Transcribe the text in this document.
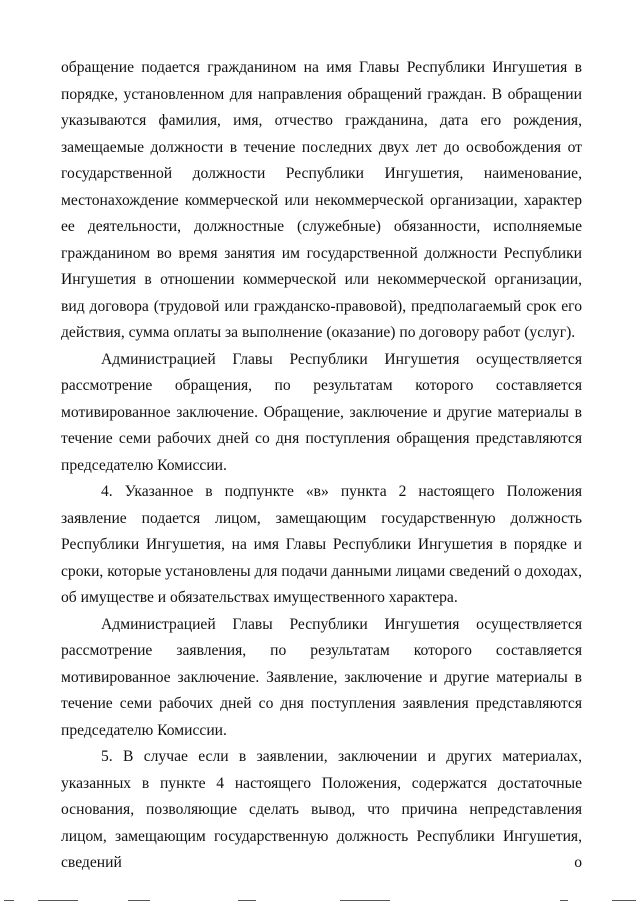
обращение подается гражданином на имя Главы Республики Ингушетия в порядке, установленном для направления обращений граждан. В обращении указываются фамилия, имя, отчество гражданина, дата его рождения, замещаемые должности в течение последних двух лет до освобождения от государственной должности Республики Ингушетия, наименование, местонахождение коммерческой или некоммерческой организации, характер ее деятельности, должностные (служебные) обязанности, исполняемые гражданином во время занятия им государственной должности Республики Ингушетия в отношении коммерческой или некоммерческой организации, вид договора (трудовой или гражданско-правовой), предполагаемый срок его действия, сумма оплаты за выполнение (оказание) по договору работ (услуг).

Администрацией Главы Республики Ингушетия осуществляется рассмотрение обращения, по результатам которого составляется мотивированное заключение. Обращение, заключение и другие материалы в течение семи рабочих дней со дня поступления обращения представляются председателю Комиссии.

4. Указанное в подпункте «в» пункта 2 настоящего Положения заявление подается лицом, замещающим государственную должность Республики Ингушетия, на имя Главы Республики Ингушетия в порядке и сроки, которые установлены для подачи данными лицами сведений о доходах, об имуществе и обязательствах имущественного характера.

Администрацией Главы Республики Ингушетия осуществляется рассмотрение заявления, по результатам которого составляется мотивированное заключение. Заявление, заключение и другие материалы в течение семи рабочих дней со дня поступления заявления представляются председателю Комиссии.

5. В случае если в заявлении, заключении и других материалах, указанных в пункте 4 настоящего Положения, содержатся достаточные основания, позволяющие сделать вывод, что причина непредставления лицом, замещающим государственную должность Республики Ингушетия, сведений о
